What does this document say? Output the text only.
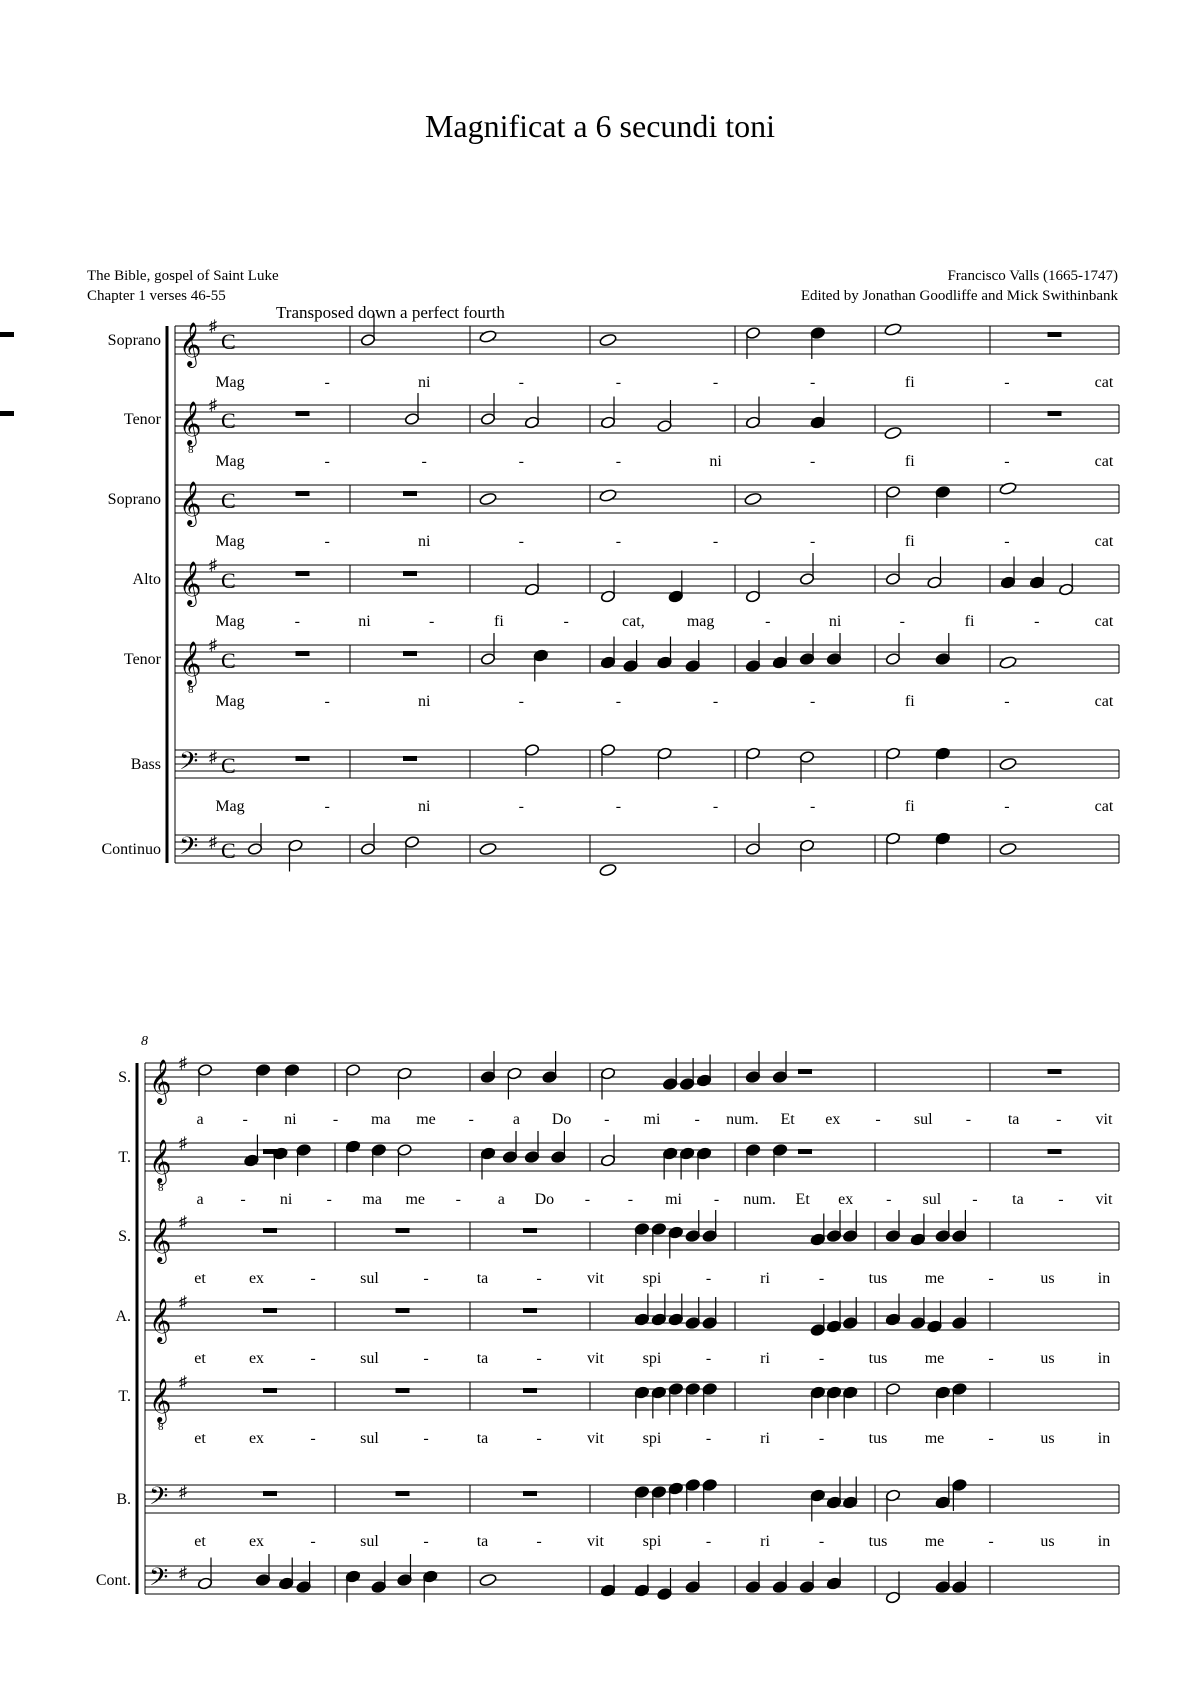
Magnificat a 6 secundi toni
The Bible, gospel of Saint Luke
Chapter 1 verses 46-55
Francisco Valls (1665-1747)
Edited by Jonathan Goodliffe and Mick Swithinbank
Transposed down a perfect fourth
Soprano 𝄞 ♯
C
Mag	-	ni	-	-	-	-	fi	-	cat
Tenor 𝄞
8
♯
C
Mag	-	-	-	-	ni	-	fi	-	cat
Soprano 𝄞 C
Mag	-	ni	-	-	-	-	fi	-	cat
Alto 𝄞 ♯
C
Mag	-	ni	-	fi	-	cat,	mag	-	ni	-	fi	-	cat
Tenor 𝄞
8
♯
C
Mag	-	ni	-	-	-	-	fi	-	cat
Bass 𝄢 ♯ C
Mag	-	ni	-	-	-	-	fi	-	cat
Continuo 𝄢 ♯ C
8
S. 𝄞 ♯
a - ni - ma me - a Do - mi - num. Et ex - sul - ta - vit
T. 𝄞
8
♯
a - ni - ma me - a Do - - mi - num. Et ex - sul - ta - vit
S. 𝄞 ♯
et	ex	-	sul	-	ta	-	vit spi	-	ri	-	tus me	-	us	in
A. 𝄞 ♯
et	ex	-	sul	-	ta	-	vit spi	-	ri	-	tus me	-	us	in
T. 𝄞
8
♯
et	ex	-	sul	-	ta	-	vit spi	-	ri	-	tus me	-	us	in
B. 𝄢 ♯
et	ex	-	sul	-	ta	-	vit spi	-	ri	-	tus me	-	us	in
Cont. 𝄢 ♯
